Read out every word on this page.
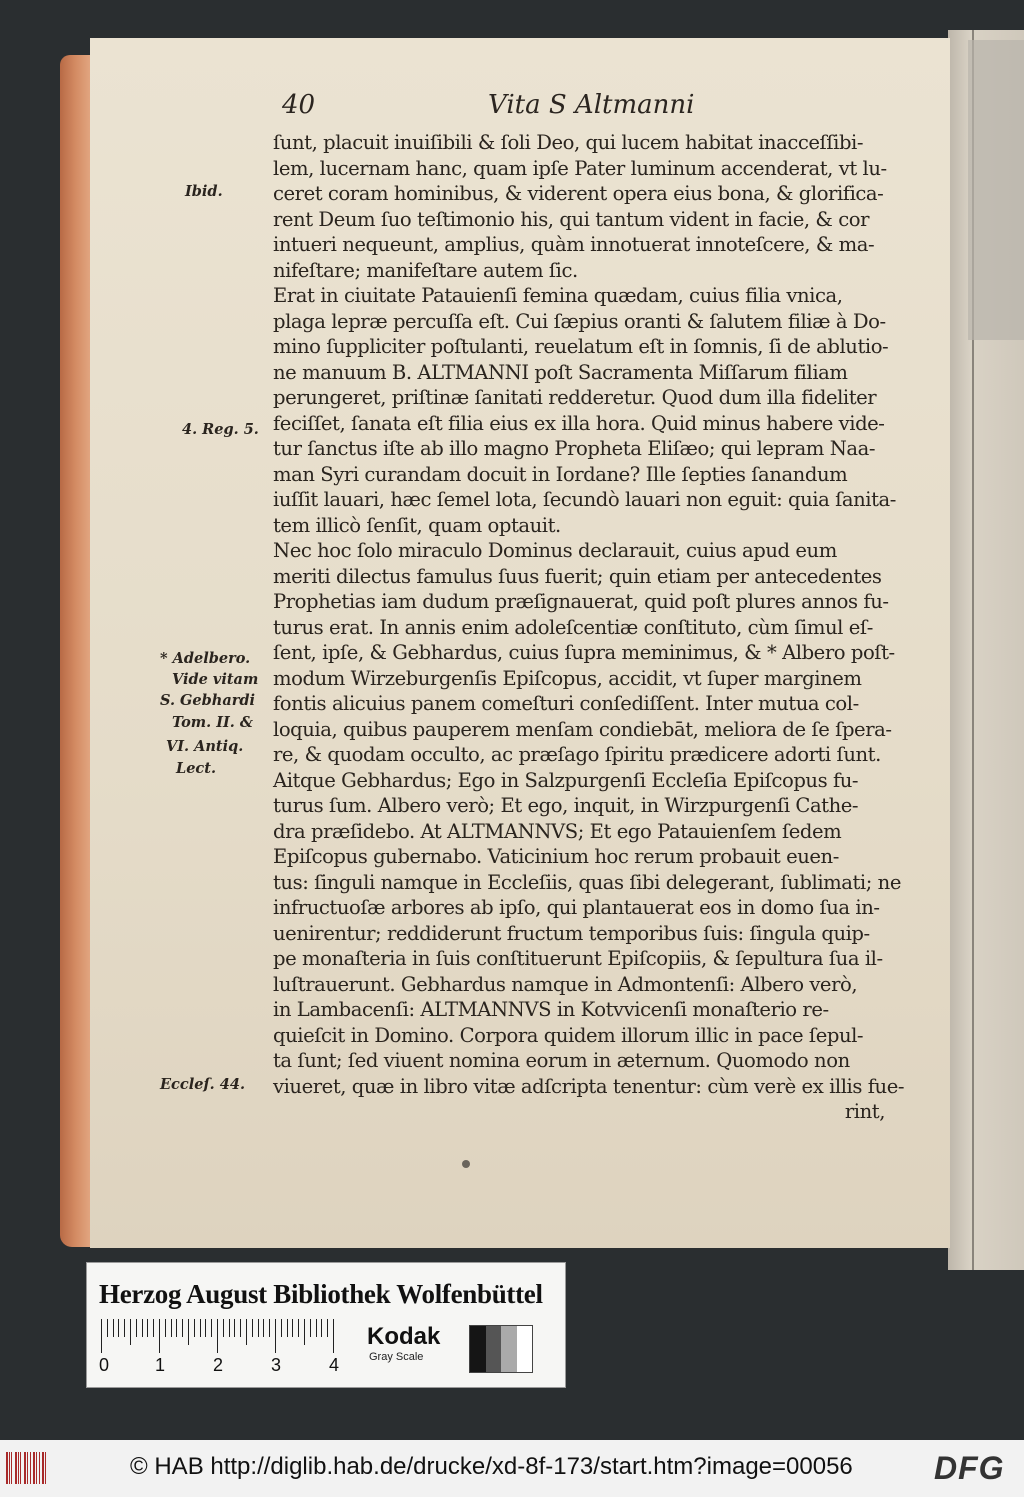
40	Vita S Altmanni
ſunt, placuit inuiſibili & ſoli Deo, qui lucem habitat inacceſſibi-
lem, lucernam hanc, quam ipſe Pater luminum accenderat, vt lu-
ceret coram hominibus, & viderent opera eius bona, & glorifica-
rent Deum ſuo teſtimonio his, qui tantum vident in facie, & cor
intueri nequeunt, amplius, quàm innotuerat innoteſcere, & ma-
nifeſtare; manifeſtare autem ſic.
Erat in ciuitate Patauienſi femina quædam, cuius filia vnica,
plaga lepræ percuſſa eſt. Cui ſæpius oranti & ſalutem filiæ à Do-
mino ſuppliciter poſtulanti, reuelatum eſt in ſomnis, ſi de ablutio-
ne manuum B. ALTMANNI poſt Sacramenta Miſſarum filiam
perungeret, priſtinæ ſanitati redderetur. Quod dum illa fideliter
feciſſet, ſanata eſt filia eius ex illa hora. Quid minus habere vide-
tur ſanctus iſte ab illo magno Propheta Eliſæo; qui lepram Naa-
man Syri curandam docuit in Iordane? Ille ſepties ſanandum
iuſſit lauari, hæc ſemel lota, ſecundò lauari non eguit: quia ſanita-
tem illicò ſenſit, quam optauit.
Nec hoc ſolo miraculo Dominus declarauit, cuius apud eum
meriti dilectus famulus ſuus fuerit; quin etiam per antecedentes
Prophetias iam dudum præſignauerat, quid poſt plures annos fu-
turus erat. In annis enim adoleſcentiæ conſtituto, cùm ſimul eſ-
ſent, ipſe, & Gebhardus, cuius ſupra meminimus, & * Albero poſt-
modum Wirzeburgenſis Epiſcopus, accidit, vt ſuper marginem
fontis alicuius panem comeſturi conſediſſent. Inter mutua col-
loquia, quibus pauperem menſam condiebāt, meliora de ſe ſpera-
re, & quodam occulto, ac præſago ſpiritu prædicere adorti ſunt.
Aitque Gebhardus; Ego in Salzpurgenſi Eccleſia Epiſcopus fu-
turus ſum. Albero verò; Et ego, inquit, in Wirzpurgenſi Cathe-
dra præſidebo. At ALTMANNVS; Et ego Patauienſem ſedem
Epiſcopus gubernabo. Vaticinium hoc rerum probauit euen-
tus: ſinguli namque in Eccleſiis, quas ſibi delegerant, ſublimati; ne
infructuoſæ arbores ab ipſo, qui plantauerat eos in domo ſua in-
uenirentur; reddiderunt fructum temporibus ſuis: ſingula quip-
pe monaſteria in ſuis conſtituerunt Epiſcopiis, & ſepultura ſua il-
luſtrauerunt. Gebhardus namque in Admontenſi: Albero verò,
in Lambacenſi: ALTMANNVS in Kotvvicenſi monaſterio re-
quieſcit in Domino. Corpora quidem illorum illic in pace ſepul-
ta ſunt; ſed viuent nomina eorum in æternum. Quomodo non
viueret, quæ in libro vitæ adſcripta tenentur: cùm verè ex illis fue-
rint,
Ibid.
4. Reg. 5.
* Adelbero.
Vide vitam
S. Gebhardi
Tom. II. &
VI. Antiq.
Lect.
Eccleſ. 44.
Herzog August Bibliothek Wolfenbüttel
0	1	2	3	4
Kodak
Gray Scale
© HAB http://diglib.hab.de/drucke/xd-8f-173/start.htm?image=00056	DFG
